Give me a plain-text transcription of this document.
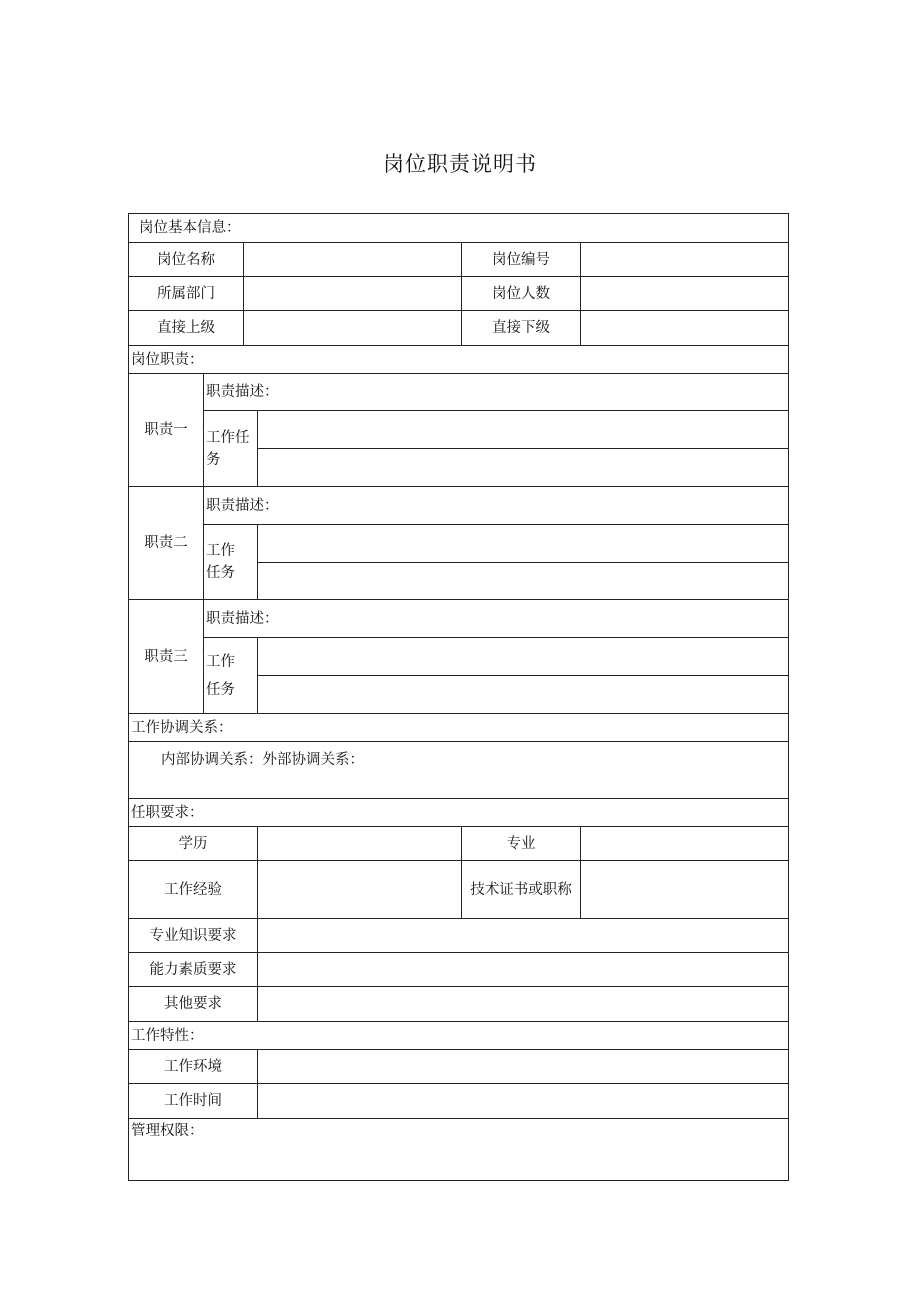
岗位职责说明书
岗位基本信息：
岗位名称	岗位编号
所属部门	岗位人数
直接上级	直接下级
岗位职责：
职责一
职责描述：
工作任务
职责二
职责描述：
工作任务
职责三
职责描述：
工作任务
工作协调关系：
内部协调关系：外部协调关系：
任职要求：
学历	专业
工作经验	技术证书或职称
专业知识要求
能力素质要求
其他要求
工作特性：
工作环境
工作时间
管理权限：
